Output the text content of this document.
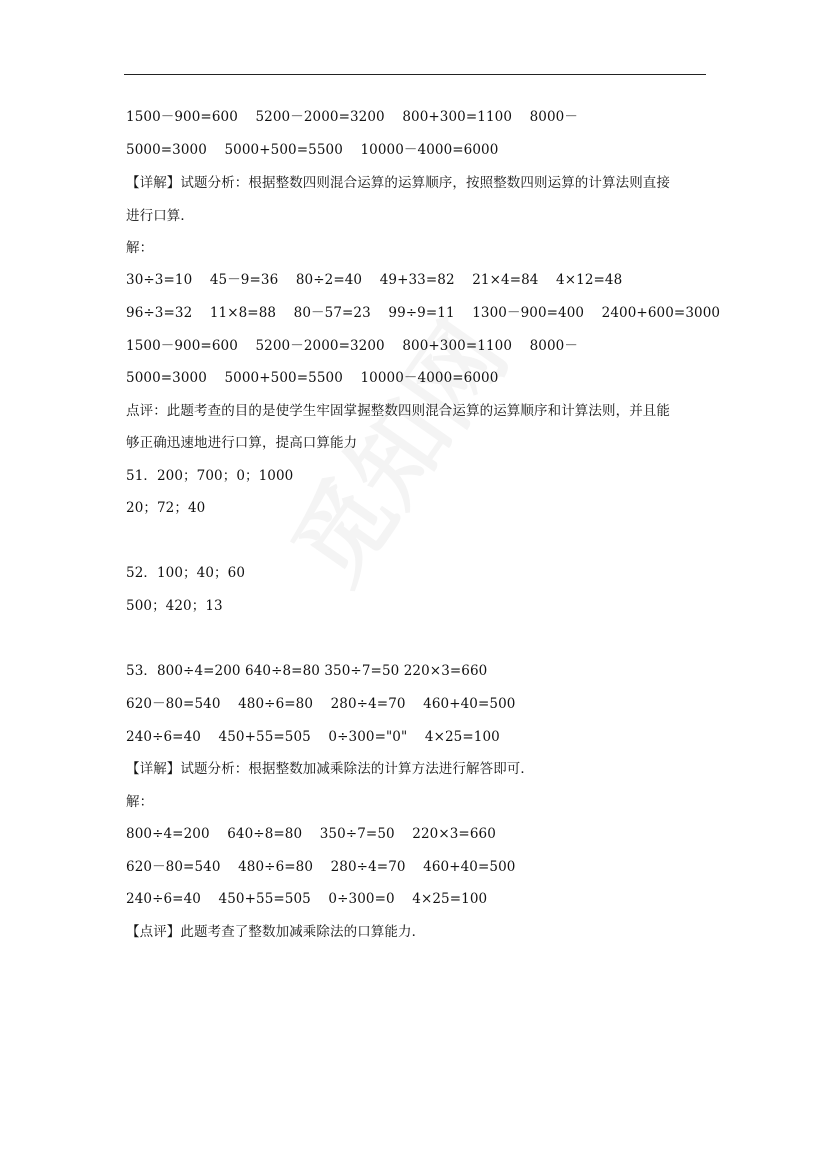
1500－900=600    5200－2000=3200    800+300=1100    8000－
5000=3000    5000+500=5500    10000－4000=6000
【详解】试题分析：根据整数四则混合运算的运算顺序，按照整数四则运算的计算法则直接
进行口算．
解：
30÷3=10    45－9=36    80÷2=40    49+33=82    21×4=84    4×12=48
96÷3=32    11×8=88    80－57=23    99÷9=11    1300－900=400    2400+600=3000
1500－900=600    5200－2000=3200    800+300=1100    8000－
5000=3000    5000+500=5500    10000－4000=6000
点评：此题考查的目的是使学生牢固掌握整数四则混合运算的运算顺序和计算法则，并且能
够正确迅速地进行口算，提高口算能力
51．200；700；0；1000
20；72；40
52．100；40；60
500；420；13
53．800÷4=200 640÷8=80 350÷7=50 220×3=660
620－80=540    480÷6=80    280÷4=70    460+40=500
240÷6=40    450+55=505    0÷300="0"    4×25=100
【详解】试题分析：根据整数加减乘除法的计算方法进行解答即可．
解：
800÷4=200    640÷8=80    350÷7=50    220×3=660
620－80=540    480÷6=80    280÷4=70    460+40=500
240÷6=40    450+55=505    0÷300=0    4×25=100
【点评】此题考查了整数加减乘除法的口算能力．
